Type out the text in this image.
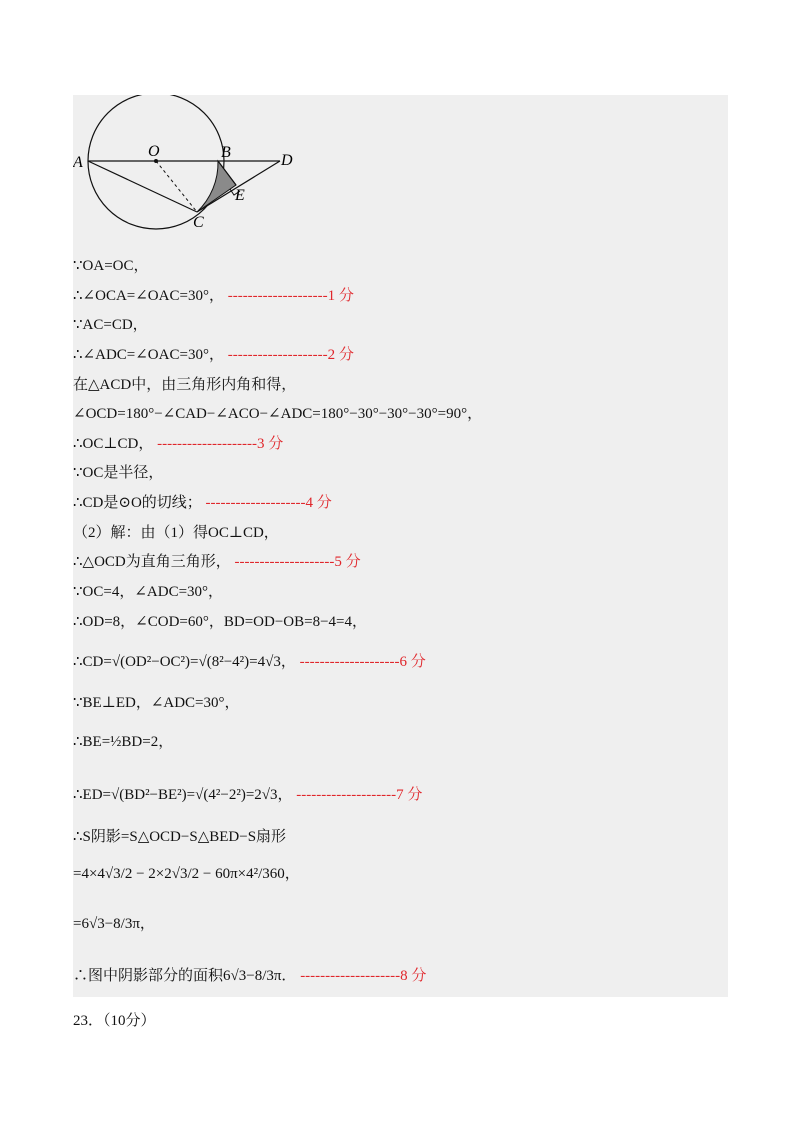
A
O	B	D
E
C
∵OA=OC，
∴∠OCA=∠OAC=30°， --------------------1 分
∵AC=CD，
∴∠ADC=∠OAC=30°， --------------------2 分
在△ACD中，由三角形内角和得，
∠OCD=180°−∠CAD−∠ACO−∠ADC=180°−30°−30°−30°=90°，
∴OC⊥CD， --------------------3 分
∵OC是半径，
∴CD是⊙O的切线； --------------------4 分
（2）解：由（1）得OC⊥CD，
∴△OCD为直角三角形， --------------------5 分
∵OC=4，∠ADC=30°，
∴OD=8，∠COD=60°，BD=OD−OB=8−4=4，
∴CD=√(OD²−OC²)=√(8²−4²)=4√3， --------------------6 分
∵BE⊥ED，∠ADC=30°，
∴BE=½BD=2，
∴ED=√(BD²−BE²)=√(4²−2²)=2√3， --------------------7 分
∴S阴影=S△OCD−S△BED−S扇形
=4×4√3/2 − 2×2√3/2 − 60π×4²/360，
=6√3−8/3π，
∴图中阴影部分的面积6√3−8/3π． --------------------8 分
23．（10分）
